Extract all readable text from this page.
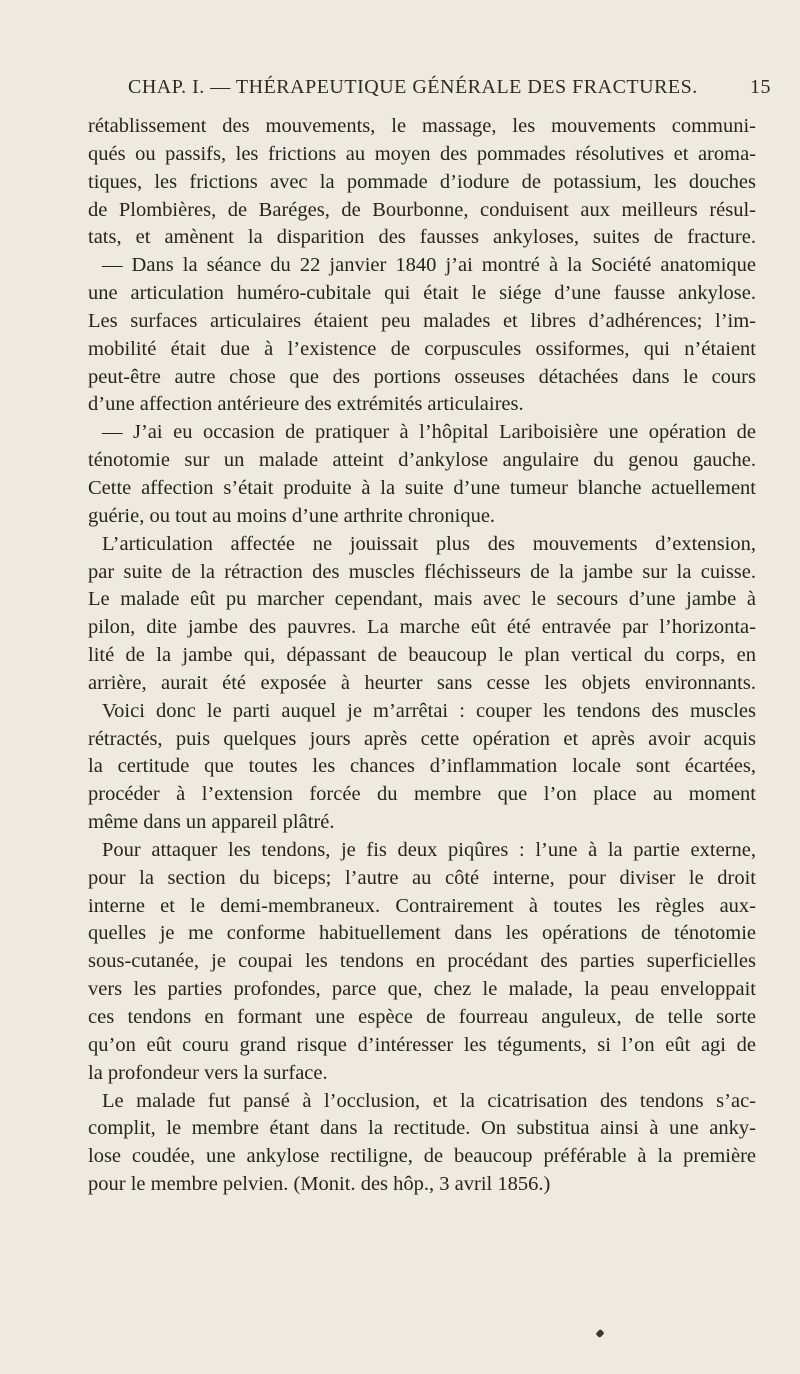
CHAP. I. — THÉRAPEUTIQUE GÉNÉRALE DES FRACTURES.	15
rétablissement des mouvements, le massage, les mouvements communi-
qués ou passifs, les frictions au moyen des pommades résolutives et aroma-
tiques, les frictions avec la pommade d’iodure de potassium, les douches
de Plombières, de Baréges, de Bourbonne, conduisent aux meilleurs résul-
tats, et amènent la disparition des fausses ankyloses, suites de fracture.
— Dans la séance du 22 janvier 1840 j’ai montré à la Société anatomique
une articulation huméro-cubitale qui était le siége d’une fausse ankylose.
Les surfaces articulaires étaient peu malades et libres d’adhérences; l’im-
mobilité était due à l’existence de corpuscules ossiformes, qui n’étaient
peut-être autre chose que des portions osseuses détachées dans le cours
d’une affection antérieure des extrémités articulaires.
— J’ai eu occasion de pratiquer à l’hôpital Lariboisière une opération de
ténotomie sur un malade atteint d’ankylose angulaire du genou gauche.
Cette affection s’était produite à la suite d’une tumeur blanche actuellement
guérie, ou tout au moins d’une arthrite chronique.
L’articulation affectée ne jouissait plus des mouvements d’extension,
par suite de la rétraction des muscles fléchisseurs de la jambe sur la cuisse.
Le malade eût pu marcher cependant, mais avec le secours d’une jambe à
pilon, dite jambe des pauvres. La marche eût été entravée par l’horizonta-
lité de la jambe qui, dépassant de beaucoup le plan vertical du corps, en
arrière, aurait été exposée à heurter sans cesse les objets environnants.
Voici donc le parti auquel je m’arrêtai : couper les tendons des muscles
rétractés, puis quelques jours après cette opération et après avoir acquis
la certitude que toutes les chances d’inflammation locale sont écartées,
procéder à l’extension forcée du membre que l’on place au moment
même dans un appareil plâtré.
Pour attaquer les tendons, je fis deux piqûres : l’une à la partie externe,
pour la section du biceps; l’autre au côté interne, pour diviser le droit
interne et le demi-membraneux. Contrairement à toutes les règles aux-
quelles je me conforme habituellement dans les opérations de ténotomie
sous-cutanée, je coupai les tendons en procédant des parties superficielles
vers les parties profondes, parce que, chez le malade, la peau enveloppait
ces tendons en formant une espèce de fourreau anguleux, de telle sorte
qu’on eût couru grand risque d’intéresser les téguments, si l’on eût agi de
la profondeur vers la surface.
Le malade fut pansé à l’occlusion, et la cicatrisation des tendons s’ac-
complit, le membre étant dans la rectitude. On substitua ainsi à une anky-
lose coudée, une ankylose rectiligne, de beaucoup préférable à la première
pour le membre pelvien. (Monit. des hôp., 3 avril 1856.)
